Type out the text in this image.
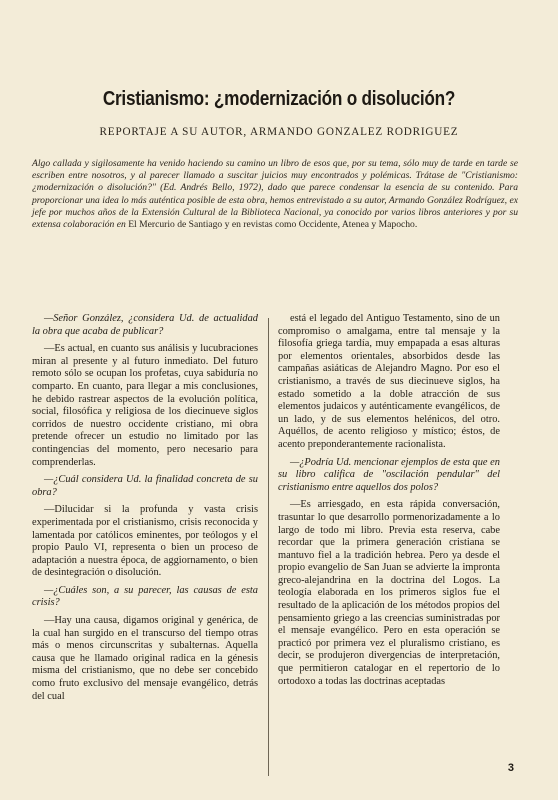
Cristianismo: ¿modernización o disolución?
REPORTAJE A SU AUTOR, ARMANDO GONZALEZ RODRIGUEZ
Algo callada y sigilosamente ha venido haciendo su camino un libro de esos que, por su tema, sólo muy de tarde en tarde se escriben entre nosotros, y al parecer llamado a suscitar juicios muy encontrados y polémicas. Trátase de "Cristianismo: ¿modernización o disolución?" (Ed. Andrés Bello, 1972), dado que parece condensar la esencia de su contenido. Para proporcionar una idea lo más auténtica posible de esta obra, hemos entrevistado a su autor, Armando González Rodríguez, ex jefe por muchos años de la Extensión Cultural de la Biblioteca Nacional, ya conocido por varios libros anteriores y por su extensa colaboración en El Mercurio de Santiago y en revistas como Occidente, Atenea y Mapocho.

—Señor González, ¿considera Ud. de actualidad la obra que acaba de publicar?

—Es actual, en cuanto sus análisis y lucubraciones miran al presente y al futuro inmediato. Del futuro remoto sólo se ocupan los profetas, cuya sabiduría no comparto. En cuanto, para llegar a mis conclusiones, he debido rastrear aspectos de la evolución política, social, filosófica y religiosa de los diecinueve siglos corridos de nuestro occidente cristiano, mi obra pretende ofrecer un estudio no limitado por las contingencias del momento, pero necesario para comprenderlas.

—¿Cuál considera Ud. la finalidad concreta de su obra?

—Dilucidar si la profunda y vasta crisis experimentada por el cristianismo, crisis reconocida y lamentada por católicos eminentes, por teólogos y el propio Paulo VI, representa o bien un proceso de adaptación a nuestra época, de aggiornamento, o bien de desintegración o disolución.

—¿Cuáles son, a su parecer, las causas de esta crisis?

—Hay una causa, digamos original y genérica, de la cual han surgido en el transcurso del tiempo otras más o menos circunscritas y subalternas. Aquella causa que he llamado original radica en la génesis misma del cristianismo, que no debe ser concebido como fruto exclusivo del mensaje evangélico, detrás del cual

está el legado del Antiguo Testamento, sino de un compromiso o amalgama, entre tal mensaje y la filosofía griega tardía, muy empapada a esas alturas por elementos orientales, absorbidos desde las campañas asiáticas de Alejandro Magno. Por eso el cristianismo, a través de sus diecinueve siglos, ha estado sometido a la doble atracción de sus elementos judaicos y auténticamente evangélicos, de un lado, y de sus elementos helénicos, del otro. Aquéllos, de acento religioso y místico; éstos, de acento preponderantemente racionalista.

—¿Podría Ud. mencionar ejemplos de esta que en su libro califica de "oscilación pendular" del cristianismo entre aquellos dos polos?

—Es arriesgado, en esta rápida conversación, trasuntar lo que desarrollo pormenorizadamente a lo largo de todo mi libro. Previa esta reserva, cabe recordar que la primera generación cristiana se mantuvo fiel a la tradición hebrea. Pero ya desde el propio evangelio de San Juan se advierte la impronta greco-alejandrina en la doctrina del Logos. La teología elaborada en los primeros siglos fue el resultado de la aplicación de los métodos propios del pensamiento griego a las creencias suministradas por el mensaje evangélico. Pero en esta operación se practicó por primera vez el pluralismo cristiano, es decir, se produjeron divergencias de interpretación, que permitieron catalogar en el repertorio de lo ortodoxo a todas las doctrinas aceptadas

3
